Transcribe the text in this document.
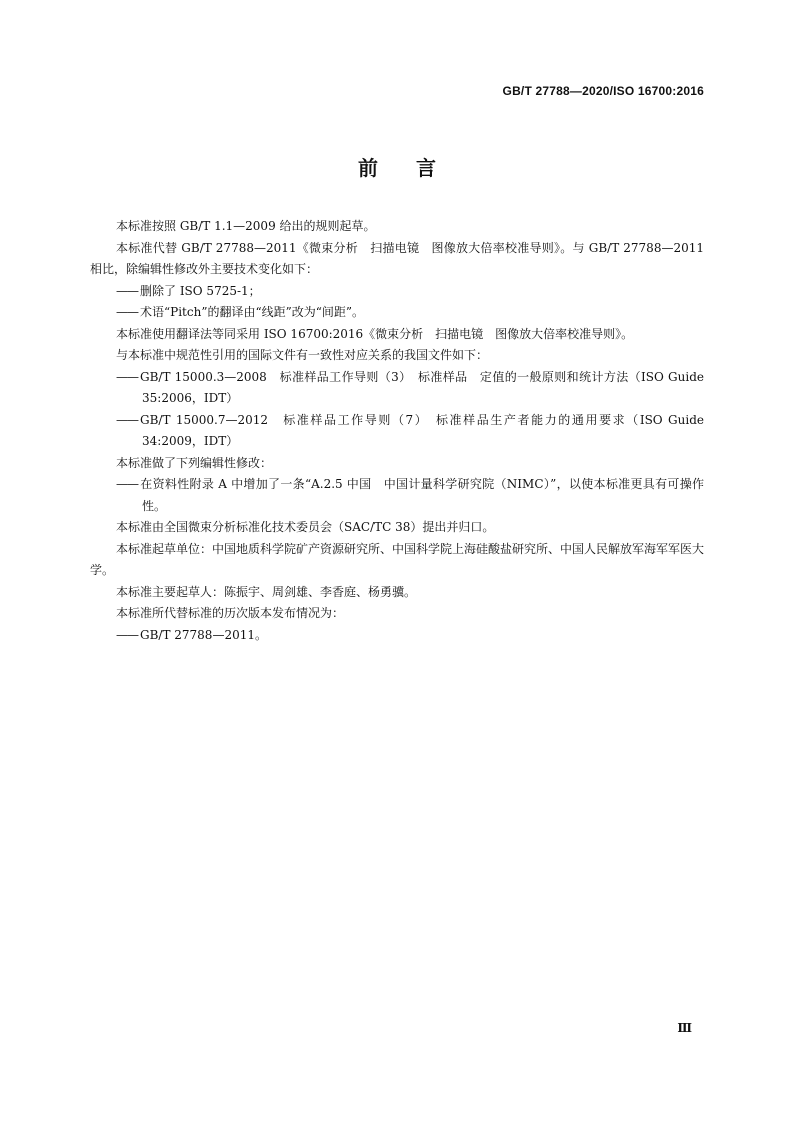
GB/T 27788—2020/ISO 16700:2016
前言

本标准按照 GB/T 1.1—2009 给出的规则起草。

本标准代替 GB/T 27788—2011《微束分析　扫描电镜　图像放大倍率校准导则》。与 GB/T 27788—2011 相比，除编辑性修改外主要技术变化如下：

—— 删除了 ISO 5725-1；

—— 术语“Pitch”的翻译由“线距”改为“间距”。

本标准使用翻译法等同采用 ISO 16700:2016《微束分析　扫描电镜　图像放大倍率校准导则》。

与本标准中规范性引用的国际文件有一致性对应关系的我国文件如下：

—— GB/T 15000.3—2008　标准样品工作导则（3）　标准样品　定值的一般原则和统计方法（ISO Guide 35:2006，IDT）

—— GB/T 15000.7—2012　标准样品工作导则（7）　标准样品生产者能力的通用要求（ISO Guide 34:2009，IDT）

本标准做了下列编辑性修改：

—— 在资料性附录 A 中增加了一条“A.2.5 中国　中国计量科学研究院（NIMC）”，以使本标准更具有可操作性。

本标准由全国微束分析标准化技术委员会（SAC/TC 38）提出并归口。

本标准起草单位：中国地质科学院矿产资源研究所、中国科学院上海硅酸盐研究所、中国人民解放军海军军医大学。

本标准主要起草人：陈振宇、周剑雄、李香庭、杨勇骥。

本标准所代替标准的历次版本发布情况为：

—— GB/T 27788—2011。

Ⅲ
